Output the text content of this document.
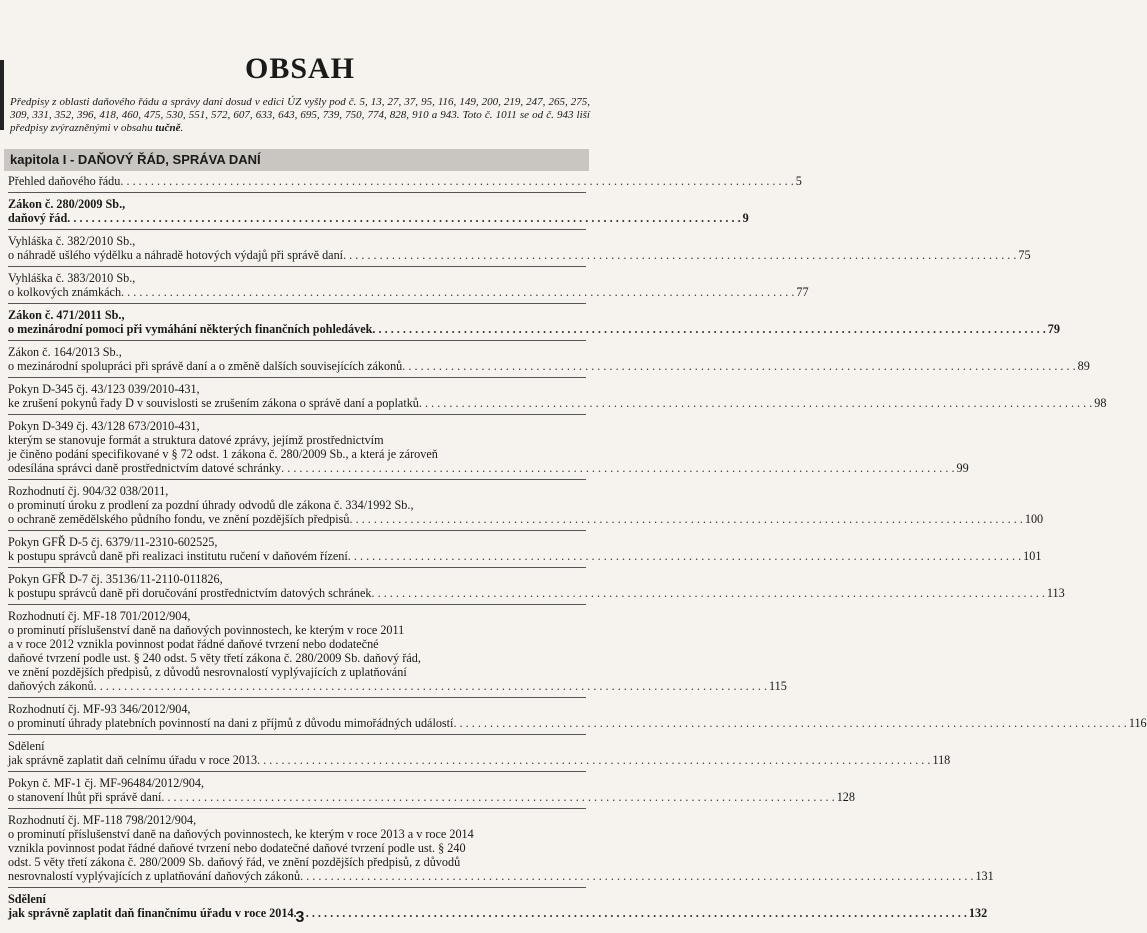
OBSAH
Předpisy z oblasti daňového řádu a správy daní dosud v edici ÚZ vyšly pod č. 5, 13, 27, 37, 95, 116, 149, 200, 219, 247, 265, 275, 309, 331, 352, 396, 418, 460, 475, 530, 551, 572, 607, 633, 643, 695, 739, 750, 774, 828, 910 a 943. Toto č. 1011 se od č. 943 liší předpisy zvýrazněnými v obsahu tučně.
kapitola I - DAŇOVÝ ŘÁD, SPRÁVA DANÍ
Přehled daňového řádu . . .	5
Zákon č. 280/2009 Sb.,
daňový řád . . .	9
Vyhláška č. 382/2010 Sb.,
o náhradě ušlého výdělku a náhradě hotových výdajů při správě daní . . .	75
Vyhláška č. 383/2010 Sb.,
o kolkových známkách . . .	77
Zákon č. 471/2011 Sb.,
o mezinárodní pomoci při vymáhání některých finančních pohledávek . . .	79
Zákon č. 164/2013 Sb.,
o mezinárodní spolupráci při správě daní a o změně dalších souvisejících zákonů . . .	89
Pokyn D-345 čj. 43/123 039/2010-431,
ke zrušení pokynů řady D v souvislosti se zrušením zákona o správě daní a poplatků . . .	98
Pokyn D-349 čj. 43/128 673/2010-431,
kterým se stanovuje formát a struktura datové zprávy, jejímž prostřednictvím
je činěno podání specifikované v § 72 odst. 1 zákona č. 280/2009 Sb., a která je zároveň
odesílána správci daně prostřednictvím datové schránky . . .	99
Rozhodnutí čj. 904/32 038/2011,
o prominutí úroku z prodlení za pozdní úhrady odvodů dle zákona č. 334/1992 Sb.,
o ochraně zemědělského půdního fondu, ve znění pozdějších předpisů . . .	100
Pokyn GFŘ D-5 čj. 6379/11-2310-602525,
k postupu správců daně při realizaci institutu ručení v daňovém řízení . . .	101
Pokyn GFŘ D-7 čj. 35136/11-2110-011826,
k postupu správců daně při doručování prostřednictvím datových schránek . . .	113
Rozhodnutí čj. MF-18 701/2012/904,
o prominutí příslušenství daně na daňových povinnostech, ke kterým v roce 2011
a v roce 2012 vznikla povinnost podat řádné daňové tvrzení nebo dodatečné
daňové tvrzení podle ust. § 240 odst. 5 věty třetí zákona č. 280/2009 Sb. daňový řád,
ve znění pozdějších předpisů, z důvodů nesrovnalostí vyplývajících z uplatňování
daňových zákonů . . .	115
Rozhodnutí čj. MF-93 346/2012/904,
o prominutí úhrady platebních povinností na dani z příjmů z důvodu mimořádných událostí . . .	116
Sdělení
jak správně zaplatit daň celnímu úřadu v roce 2013 . . .	118
Pokyn č. MF-1 čj. MF-96484/2012/904,
o stanovení lhůt při správě daní . . .	128
Rozhodnutí čj. MF-118 798/2012/904,
o prominutí příslušenství daně na daňových povinnostech, ke kterým v roce 2013 a v roce 2014
vznikla povinnost podat řádné daňové tvrzení nebo dodatečné daňové tvrzení podle ust. § 240
odst. 5 věty třetí zákona č. 280/2009 Sb. daňový řád, ve znění pozdějších předpisů, z důvodů
nesrovnalostí vyplývajících z uplatňování daňových zákonů . . .	131
Sdělení
jak správně zaplatit daň finančnímu úřadu v roce 2014 . . .	132
3
